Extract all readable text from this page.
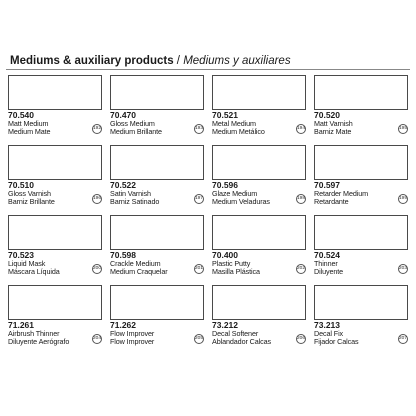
Mediums & auxiliary products / Mediums y auxiliares
70.540
Matt Medium
Medium Mate	192
70.470
Gloss Medium
Medium Brillante	193
70.521
Metal Medium
Medium Metálico	194
70.520
Matt Varnish
Barniz Mate	195
70.510
Gloss Varnish
Barniz Brillante	196
70.522
Satin Varnish
Barniz Satinado	197
70.596
Glaze Medium
Medium Veladuras	198
70.597
Retarder Medium
Retardante	199
70.523
Liquid Mask
Máscara Líquida	200
70.598
Crackle Medium
Medium Craquelar	201
70.400
Plastic Putty
Masilla Plástica	202
70.524
Thinner
Diluyente	203
71.261
Airbrush Thinner
Diluyente Aerógrafo	204
71.262
Flow Improver
Flow Improver	205
73.212
Decal Softener
Ablandador Calcas	206
73.213
Decal Fix
Fijador Calcas	207
